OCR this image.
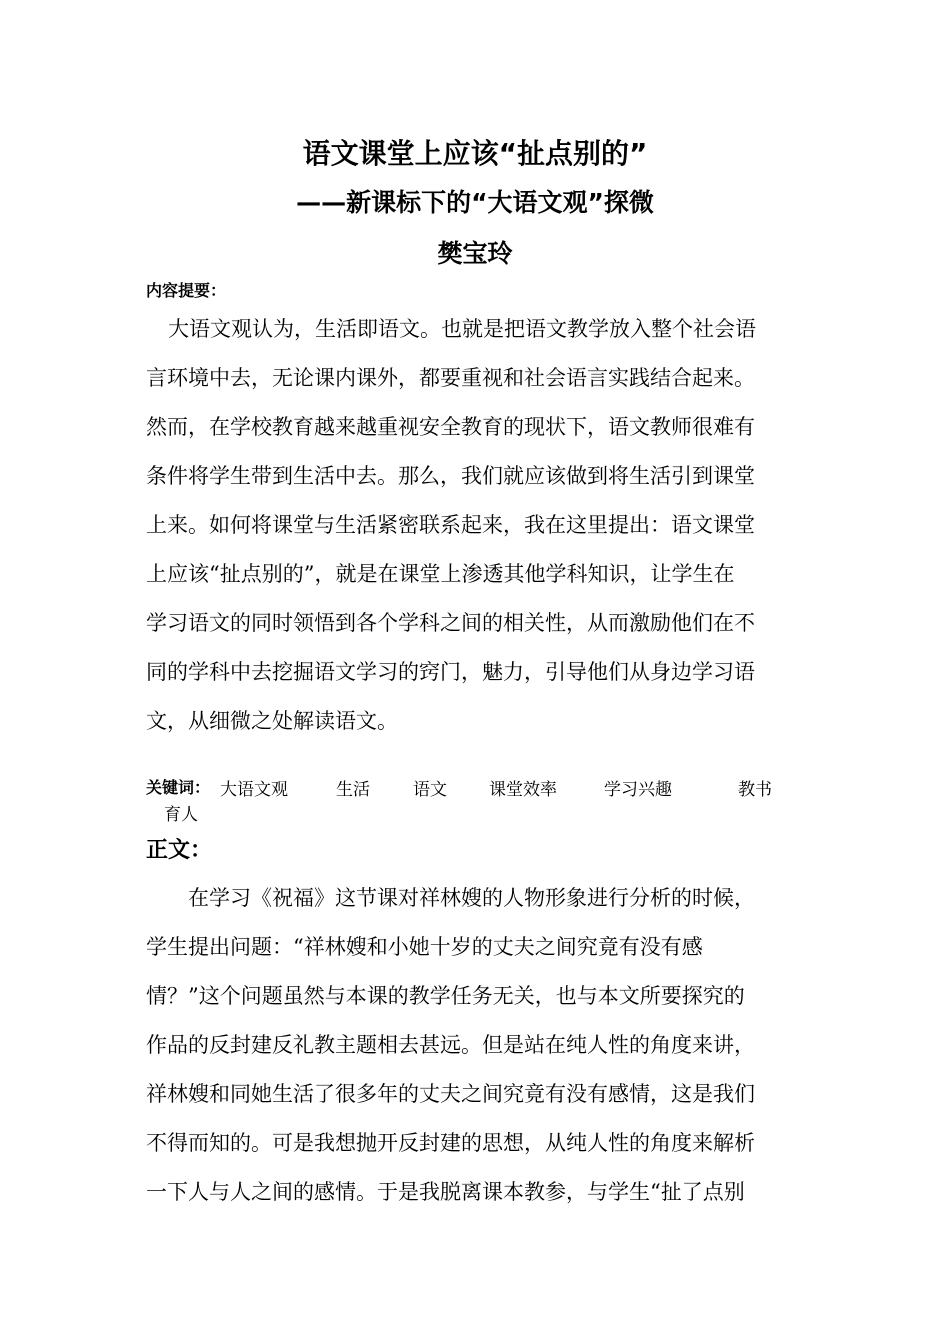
语文课堂上应该“扯点别的”
——新课标下的“大语文观”探微
樊宝玲
内容提要：
大语文观认为，生活即语文。也就是把语文教学放入整个社会语
言环境中去，无论课内课外，都要重视和社会语言实践结合起来。
然而，在学校教育越来越重视安全教育的现状下，语文教师很难有
条件将学生带到生活中去。那么，我们就应该做到将生活引到课堂
上来。如何将课堂与生活紧密联系起来，我在这里提出：语文课堂
上应该“扯点别的”，就是在课堂上渗透其他学科知识，让学生在
学习语文的同时领悟到各个学科之间的相关性，从而激励他们在不
同的学科中去挖掘语文学习的窍门，魅力，引导他们从身边学习语
文，从细微之处解读语文。
关键词： 大语文观	生活	语文 课堂效率	学习兴趣	教书
育人
正文：
在学习《祝福》这节课对祥林嫂的人物形象进行分析的时候，
学生提出问题：“祥林嫂和小她十岁的丈夫之间究竟有没有感
情？”这个问题虽然与本课的教学任务无关，也与本文所要探究的
作品的反封建反礼教主题相去甚远。但是站在纯人性的角度来讲，
祥林嫂和同她生活了很多年的丈夫之间究竟有没有感情，这是我们
不得而知的。可是我想抛开反封建的思想，从纯人性的角度来解析
一下人与人之间的感情。于是我脱离课本教参，与学生“扯了点别
